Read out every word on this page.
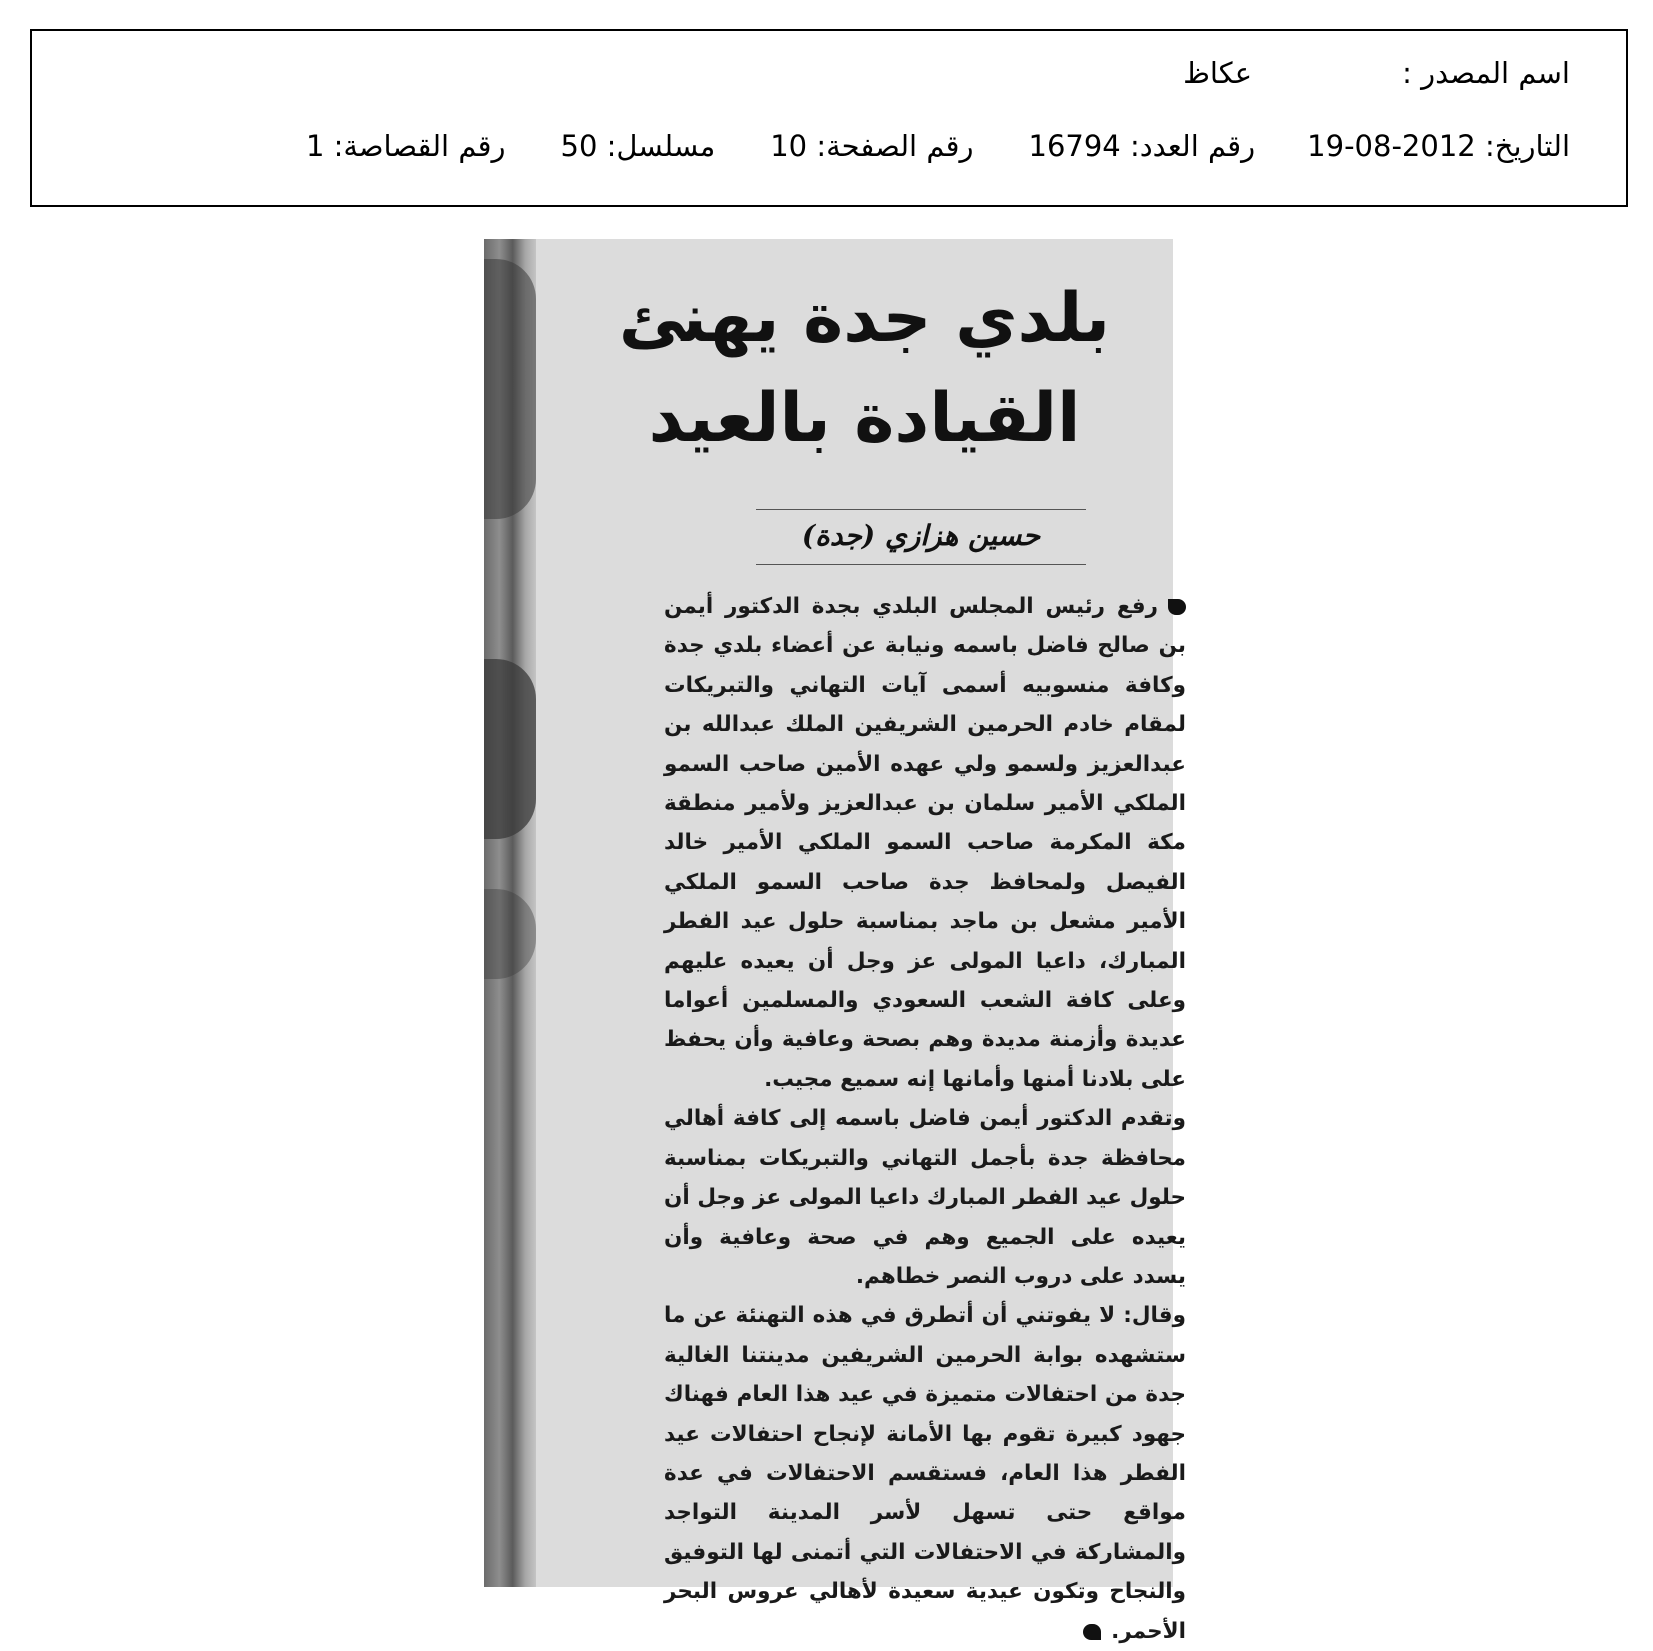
اسم المصدر :عكاظ
التاريخ: 2012-08-19رقم العدد: 16794رقم الصفحة: 10مسلسل: 50رقم القصاصة: 1
بلدي جدة يهنئ
القيادة بالعيد
حسين هزازي (جدة)

رفع رئيس المجلس البلدي بجدة الدكتور أيمن بن صالح فاضل باسمه ونيابة عن أعضاء بلدي جدة وكافة منسوبيه أسمى آيات التهاني والتبريكات لمقام خادم الحرمين الشريفين الملك عبدالله بن عبدالعزيز ولسمو ولي عهده الأمين صاحب السمو الملكي الأمير سلمان بن عبدالعزيز ولأمير منطقة مكة المكرمة صاحب السمو الملكي الأمير خالد الفيصل ولمحافظ جدة صاحب السمو الملكي الأمير مشعل بن ماجد بمناسبة حلول عيد الفطر المبارك، داعيا المولى عز وجل أن يعيده عليهم وعلى كافة الشعب السعودي والمسلمين أعواما عديدة وأزمنة مديدة وهم بصحة وعافية وأن يحفظ على بلادنا أمنها وأمانها إنه سميع مجيب.

وتقدم الدكتور أيمن فاضل باسمه إلى كافة أهالي محافظة جدة بأجمل التهاني والتبريكات بمناسبة حلول عيد الفطر المبارك داعيا المولى عز وجل أن يعيده على الجميع وهم في صحة وعافية وأن يسدد على دروب النصر خطاهم.

وقال: لا يفوتني أن أتطرق في هذه التهنئة عن ما ستشهده بوابة الحرمين الشريفين مدينتنا الغالية جدة من احتفالات متميزة في عيد هذا العام فهناك جهود كبيرة تقوم بها الأمانة لإنجاح احتفالات عيد الفطر هذا العام، فستقسم الاحتفالات في عدة مواقع حتى تسهل لأسر المدينة التواجد والمشاركة في الاحتفالات التي أتمنى لها التوفيق والنجاح وتكون عيدية سعيدة لأهالي عروس البحر الأحمر.
